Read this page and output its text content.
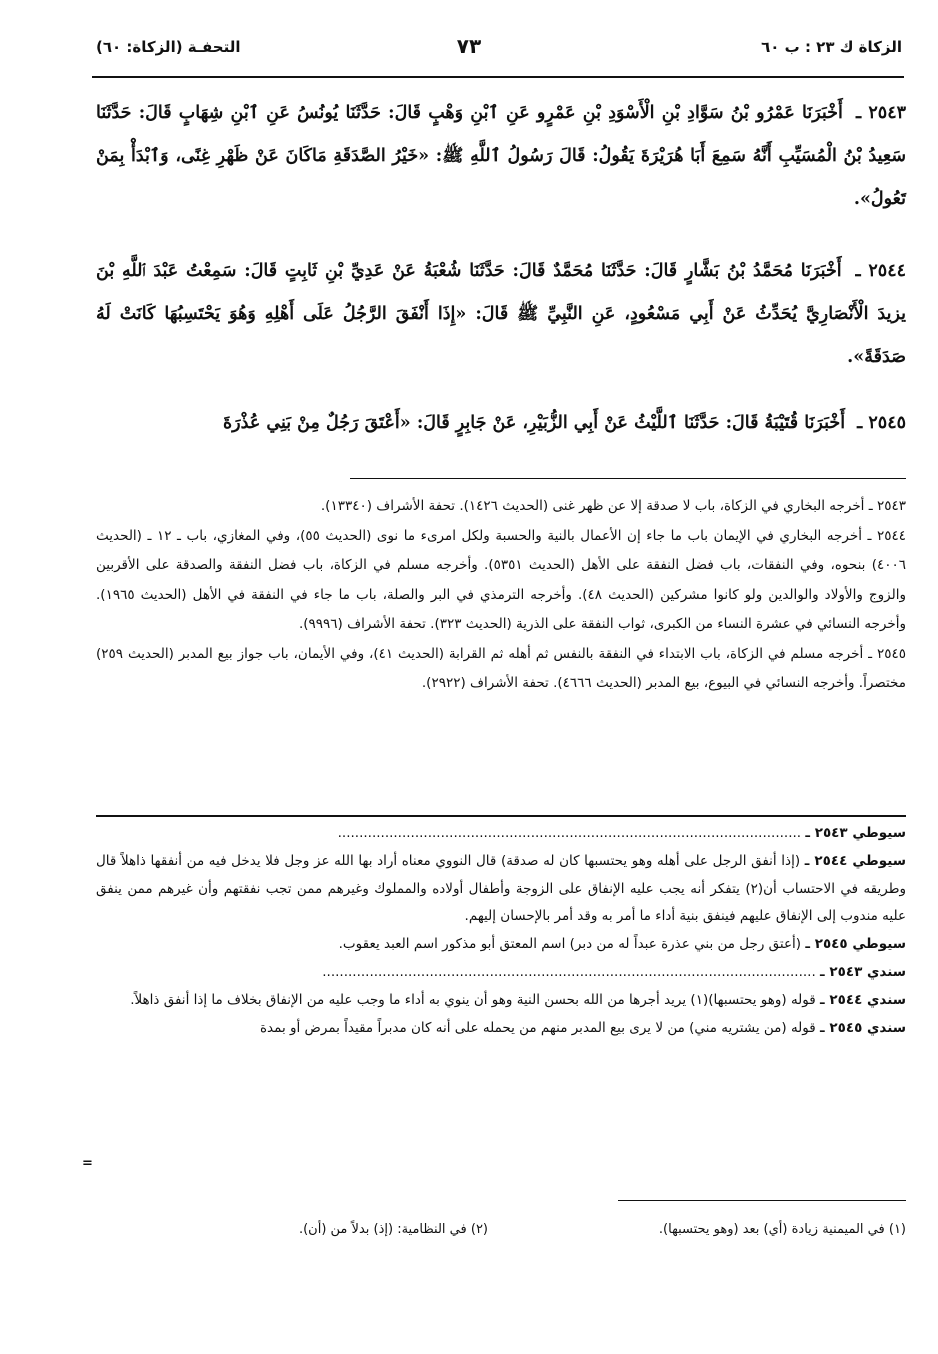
الزكاة ك ٢٣ : ب ٦٠
٧٣
التحفـة (الزكاة: ٦٠)
٢٥٤٣ ـ أَخْبَرَنَا عَمْرُو بْنُ سَوَّادِ بْنِ الْأَسْوَدِ بْنِ عَمْرٍو عَنِ ٱبْنِ وَهْبٍ قَالَ: حَدَّثَنَا يُونُسُ عَنِ ٱبْنِ شِهَابٍ قَالَ: حَدَّثَنَا سَعِيدُ بْنُ الْمُسَيِّبِ أَنَّهُ سَمِعَ أَبَا هُرَيْرَةَ يَقُولُ: قَالَ رَسُولُ ٱللَّهِ ﷺ: «خَيْرُ الصَّدَقَةِ مَاكَانَ عَنْ ظَهْرِ غِنًى، وَٱبْدَأْ بِمَنْ تَعُولُ».
٢٥٤٤ ـ أَخْبَرَنَا مُحَمَّدُ بْنُ بَشَّارٍ قَالَ: حَدَّثَنَا مُحَمَّدٌ قَالَ: حَدَّثَنَا شُعْبَةُ عَنْ عَدِيِّ بْنِ ثَابِتٍ قَالَ: سَمِعْتُ عَبْدَ ٱللَّهِ بْنَ يزيدَ الْأَنْصَارِيَّ يُحَدِّثُ عَنْ أَبِي مَسْعُودٍ، عَنِ النَّبِيِّ ﷺ قَالَ: «إِذَا أَنْفَقَ الرَّجُلُ عَلَى أَهْلِهِ وَهُوَ يَحْتَسِبُهَا كَانَتْ لَهُ صَدَقَةً».
٢٥٤٥ ـ أَخْبَرَنَا قُتَيْبَةُ قَالَ: حَدَّثَنَا ٱللَّيْثُ عَنْ أَبِي الزُّبَيْرِ، عَنْ جَابِرٍ قَالَ: «أَعْتَقَ رَجُلٌ مِنْ بَنِي عُذْرَةَ

٢٥٤٣ ـ أخرجه البخاري في الزكاة، باب لا صدقة إلا عن ظهر غنى (الحديث ١٤٢٦). تحفة الأشراف (١٣٣٤٠).

٢٥٤٤ ـ أخرجه البخاري في الإيمان باب ما جاء إن الأعمال بالنية والحسبة ولكل امرىء ما نوى (الحديث ٥٥)، وفي المغازي، باب ـ ١٢ ـ (الحديث ٤٠٠٦) بنحوه، وفي النفقات، باب فضل النفقة على الأهل (الحديث ٥٣٥١). وأخرجه مسلم في الزكاة، باب فضل النفقة والصدقة على الأقربين والزوج والأولاد والوالدين ولو كانوا مشركين (الحديث ٤٨). وأخرجه الترمذي في البر والصلة، باب ما جاء في النفقة في الأهل (الحديث ١٩٦٥). وأخرجه النسائي في عشرة النساء من الكبرى، ثواب النفقة على الذرية (الحديث ٣٢٣). تحفة الأشراف (٩٩٩٦).

٢٥٤٥ ـ أخرجه مسلم في الزكاة، باب الابتداء في النفقة بالنفس ثم أهله ثم القرابة (الحديث ٤١)، وفي الأيمان، باب جواز بيع المدبر (الحديث ٢٥٩) مختصراً. وأخرجه النسائي في البيوع، بيع المدبر (الحديث ٤٦٦٦). تحفة الأشراف (٢٩٢٢).

سيوطي ٢٥٤٣ ـ ............................................................................................................

سيوطي ٢٥٤٤ ـ (إذا أنفق الرجل على أهله وهو يحتسبها كان له صدقة) قال النووي معناه أراد بها الله عز وجل فلا يدخل فيه من أنفقها ذاهلاً قال وطريقه في الاحتساب أن(٢) يتفكر أنه يجب عليه الإنفاق على الزوجة وأطفال أولاده والمملوك وغيرهم ممن تجب نفقتهم وأن غيرهم ممن ينفق عليه مندوب إلى الإنفاق عليهم فينفق بنية أداء ما أمر به وقد أمر بالإحسان إليهم.

سيوطي ٢٥٤٥ ـ (أعتق رجل من بني عذرة عبداً له من دبر) اسم المعتق أبو مذكور اسم العبد يعقوب.

سندي ٢٥٤٣ ـ ...................................................................................................................

سندي ٢٥٤٤ ـ قوله (وهو يحتسبها)(١) يريد أجرها من الله بحسن النية وهو أن ينوي به أداء ما وجب عليه من الإنفاق بخلاف ما إذا أنفق ذاهلاً.

سندي ٢٥٤٥ ـ قوله (من يشتريه مني) من لا يرى بيع المدبر منهم من يحمله على أنه كان مدبراً مقيداً بمرض أو بمدة

=
(١) في الميمنية زيادة (أي) بعد (وهو يحتسبها).
(٢) في النظامية: (إذ) بدلاً من (أن).
